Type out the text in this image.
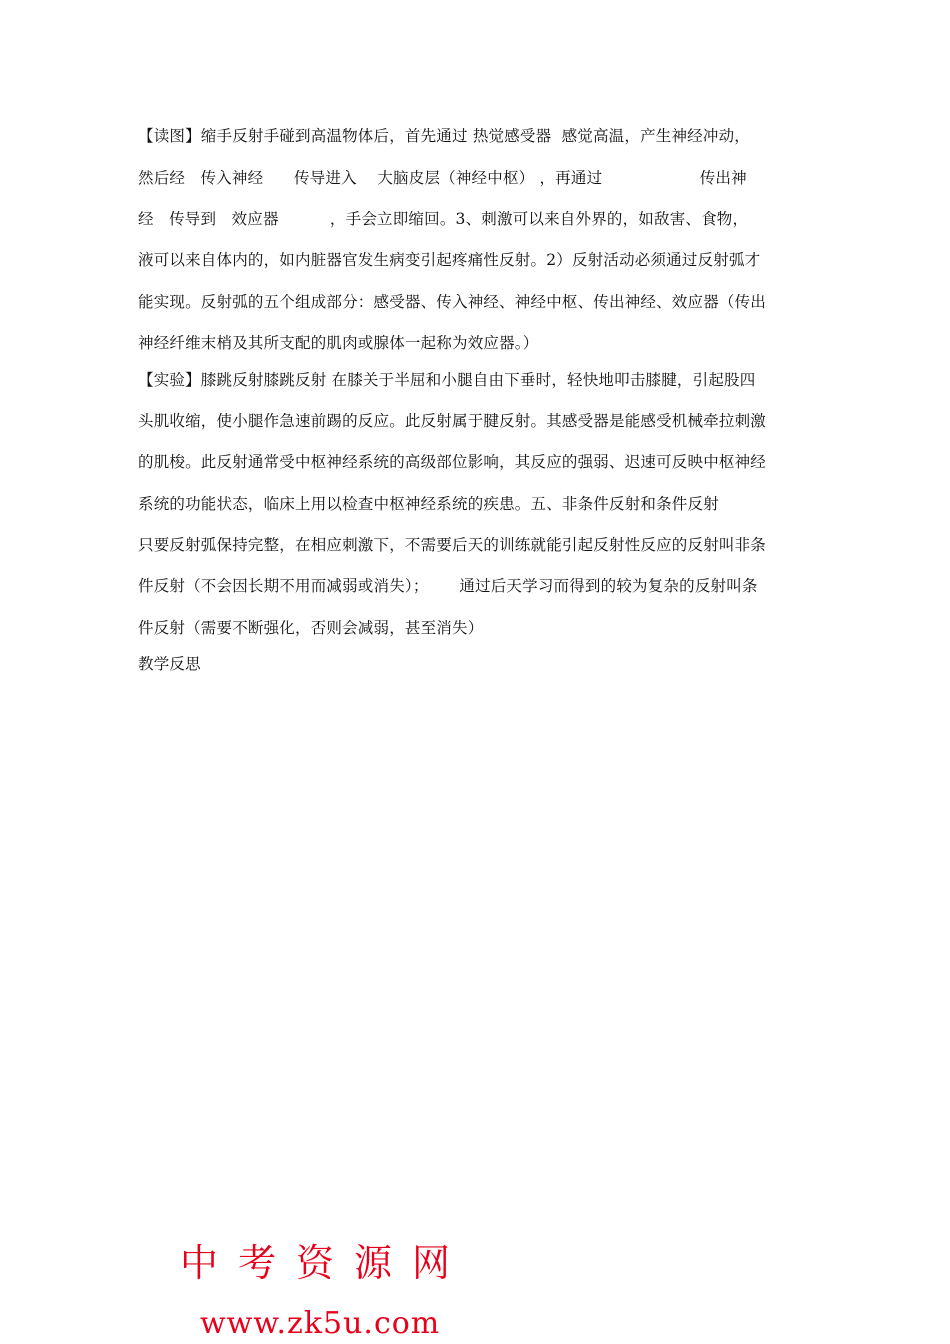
【读图】缩手反射手碰到高温物体后，首先通过 热觉感受器  感觉高温，产生神经冲动，
然后经   传入神经      传导进入    大脑皮层（神经中枢） ，再通过                   传出神
经   传导到   效应器          ，手会立即缩回。3、刺激可以来自外界的，如敌害、食物，
液可以来自体内的，如内脏器官发生病变引起疼痛性反射。2）反射活动必须通过反射弧才
能实现。反射弧的五个组成部分：感受器、传入神经、神经中枢、传出神经、效应器（传出
神经纤维末梢及其所支配的肌肉或腺体一起称为效应器。）
【实验】膝跳反射膝跳反射 在膝关于半屈和小腿自由下垂时，轻快地叩击膝腱，引起股四
头肌收缩，使小腿作急速前踢的反应。此反射属于腱反射。其感受器是能感受机械牵拉刺激
的肌梭。此反射通常受中枢神经系统的高级部位影响，其反应的强弱、迟速可反映中枢神经
系统的功能状态，临床上用以检查中枢神经系统的疾患。五、非条件反射和条件反射
只要反射弧保持完整，在相应刺激下，不需要后天的训练就能引起反射性反应的反射叫非条
件反射（不会因长期不用而减弱或消失）；      通过后天学习而得到的较为复杂的反射叫条
件反射（需要不断强化，否则会减弱，甚至消失）
教学反思
中考资源网
www.zk5u.com
